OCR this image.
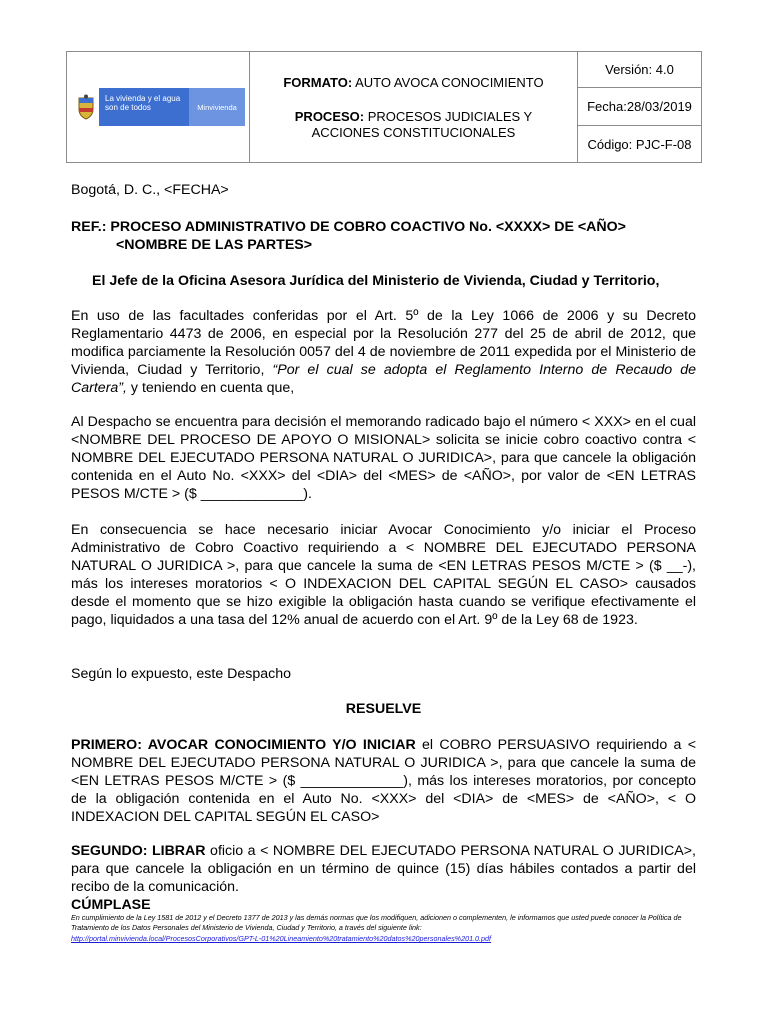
La vivienda y el agua son de todos	Minvivienda
FORMATO: AUTO AVOCA CONOCIMIENTO
PROCESO: PROCESOS JUDICIALES Y ACCIONES CONSTITUCIONALES
Versión: 4.0
Fecha:28/03/2019
Código: PJC-F-08
Bogotá, D. C., <FECHA>
REF.: PROCESO ADMINISTRATIVO DE COBRO COACTIVO No. <XXXX> DE <AÑO>
<NOMBRE DE LAS PARTES>
El Jefe de la Oficina Asesora Jurídica del Ministerio de Vivienda, Ciudad y Territorio,
En uso de las facultades conferidas por el Art. 5º de la Ley 1066 de 2006 y su Decreto Reglamentario 4473 de 2006, en especial por la Resolución 277 del 25 de abril de 2012, que modifica parciamente la Resolución 0057 del 4 de noviembre de 2011 expedida por el Ministerio de Vivienda, Ciudad y Territorio, “Por el cual se adopta el Reglamento Interno de Recaudo de Cartera”, y teniendo en cuenta que,
Al Despacho se encuentra para decisión el memorando radicado bajo el número < XXX> en el cual <NOMBRE DEL PROCESO DE APOYO O MISIONAL> solicita se inicie cobro coactivo contra < NOMBRE DEL EJECUTADO PERSONA NATURAL O JURIDICA>, para que cancele la obligación contenida en el Auto No. <XXX> del <DIA> del <MES> de <AÑO>, por valor de <EN LETRAS PESOS M/CTE > ($ _____________).
En consecuencia se hace necesario iniciar Avocar Conocimiento y/o iniciar el Proceso Administrativo de Cobro Coactivo requiriendo a < NOMBRE DEL EJECUTADO PERSONA NATURAL O JURIDICA >, para que cancele la suma de <EN LETRAS PESOS M/CTE > ($ __-), más los intereses moratorios < O INDEXACION DEL CAPITAL SEGÚN EL CASO> causados desde el momento que se hizo exigible la obligación hasta cuando se verifique efectivamente el pago, liquidados a una tasa del 12% anual de acuerdo con el Art. 9º de la Ley 68 de 1923.
Según lo expuesto, este Despacho
RESUELVE
PRIMERO: AVOCAR CONOCIMIENTO Y/O INICIAR el COBRO PERSUASIVO requiriendo a < NOMBRE DEL EJECUTADO PERSONA NATURAL O JURIDICA >, para que cancele la suma de <EN LETRAS PESOS M/CTE > ($ _____________), más los intereses moratorios, por concepto de la obligación contenida en el Auto No. <XXX> del <DIA> de <MES> de <AÑO>, < O INDEXACION DEL CAPITAL SEGÚN EL CASO>
SEGUNDO: LIBRAR oficio a < NOMBRE DEL EJECUTADO PERSONA NATURAL O JURIDICA>, para que cancele la obligación en un término de quince (15) días hábiles contados a partir del recibo de la comunicación.
CÚMPLASE
En cumplimiento de la Ley 1581 de 2012 y el Decreto 1377 de 2013 y las demás normas que los modifiquen, adicionen o complementen, le informamos que usted puede conocer la Política de Tratamiento de los Datos Personales del Ministerio de Vivienda, Ciudad y Territorio, a través del siguiente link:
http://portal.minvivienda.local/ProcesosCorporativos/GPT-L-01%20Lineamiento%20tratamiento%20datos%20personales%201.0.pdf
